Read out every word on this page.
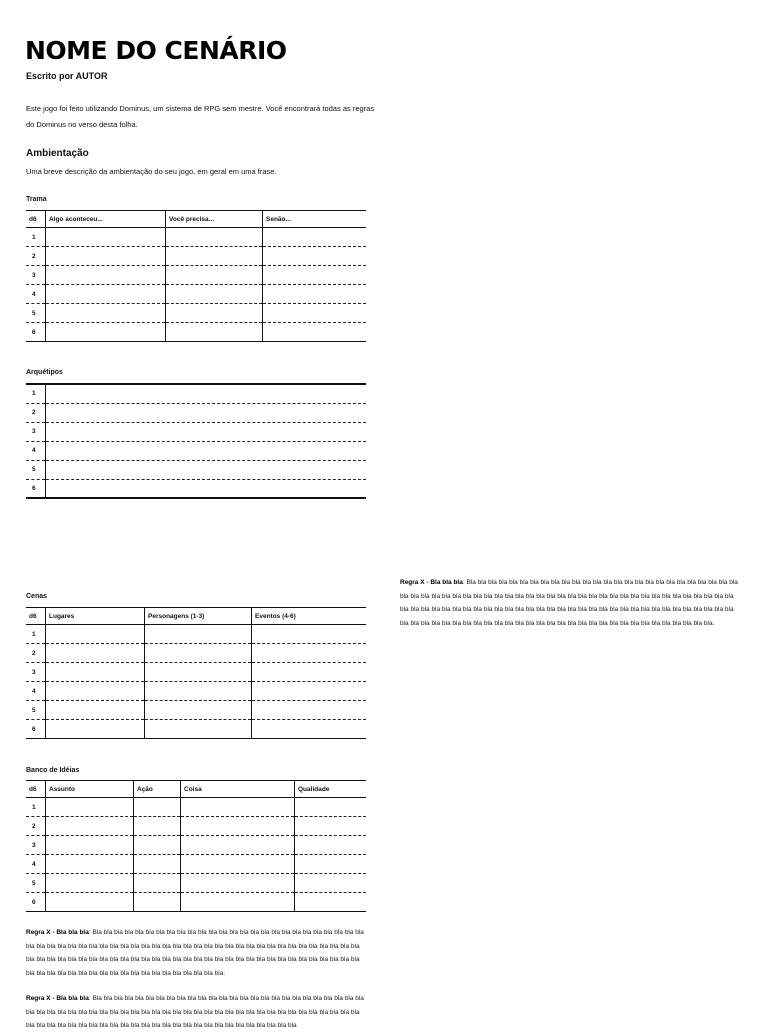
NOME DO CENÁRIO
Escrito por AUTOR
Este jogo foi feito utilizando Dominus, um sistema de RPG sem mestre. Você encontrará todas as regras do Dominus no verso desta folha.
Ambientação
Uma breve descrição da ambientação do seu jogo, em geral em uma frase.
Trama
d6	Algo aconteceu...	Você precisa...	Senão...
1			
2			
3			
4			
5			
6			
Arquétipos
1	
2	
3	
4	
5	
6	
Cenas
d6	Lugares	Personagens (1-3)	Eventos (4-6)
1			
2			
3			
4			
5			
6			
Banco de Idéias
d6	Assunto	Ação	Coisa	Qualidade
1				
2				
3				
4				
5				
6				
Regra X - Bla bla bla: Bla bla bla bla bla bla bla bla bla bla bla bla bla bla bla bla bla bla bla bla bla bla bla bla bla bla bla bla bla bla bla bla bla bla bla bla bla bla bla bla bla bla bla bla bla bla bla bla bla bla bla bla bla bla bla bla bla bla bla bla bla bla bla bla bla bla bla bla bla bla bla bla bla bla bla bla bla bla bla bla bla bla bla bla bla bla bla bla bla bla bla bla bla bla bla bla bla bla bla bla bla bla bla bla bla bla bla bla bla bla bla bla bla bla bla bla bla bla bla bla.
Regra X - Bla bla bla: Bla bla bla bla bla bla bla bla bla bla bla bla bla bla bla bla bla bla bla bla bla bla bla bla bla bla bla bla bla bla bla bla bla bla bla bla bla bla bla bla bla bla bla bla bla bla bla bla bla bla bla bla bla bla bla bla bla bla bla bla bla bla bla bla bla bla bla bla bla bla bla bla bla bla bla bla bla bla bla bla bla bla bla bla bla bla bla bla bla bla bla bla bla bla bla bla bla bla bla bla bla bla bla bla bla bla bla bla bla.
Regra X - Bla bla bla: Bla bla bla bla bla bla bla bla bla bla bla bla bla bla bla bla bla bla bla bla bla bla bla bla bla bla bla bla bla bla bla bla bla bla bla bla bla bla bla bla bla bla bla bla bla bla bla bla bla bla bla bla bla bla bla bla bla bla bla bla bla bla bla bla bla bla bla bla bla bla bla bla bla bla bla bla bla bla bla bla bla bla bla bla
